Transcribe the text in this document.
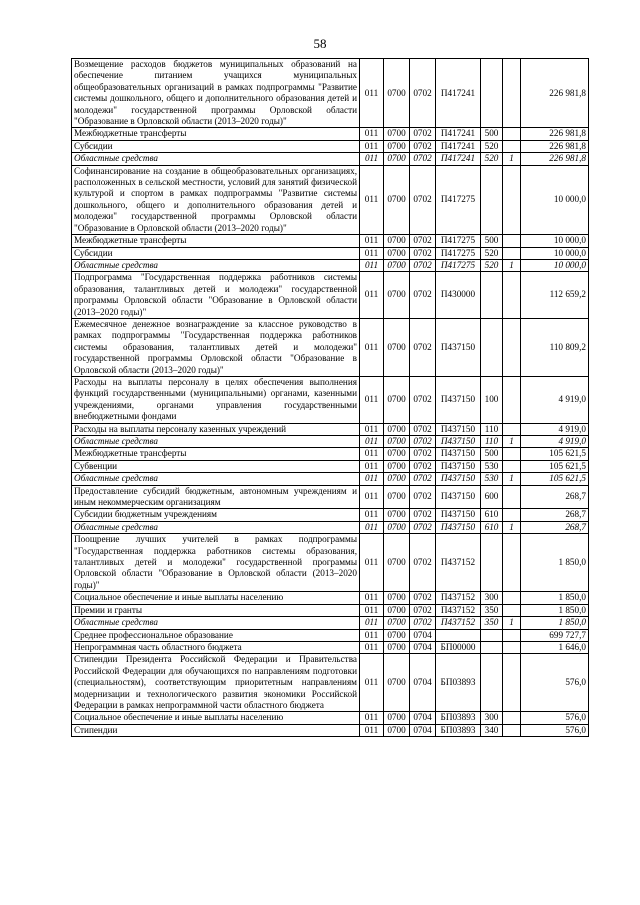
58
Возмещение расходов бюджетов муниципальных образований на обеспечение питанием учащихся муниципальных общеобразовательных организаций в рамках подпрограммы "Развитие системы дошкольного, общего и дополнительного образования детей и молодежи" государственной программы Орловской области "Образование в Орловской области (2013–2020 годы)"	011	0700	0702	П417241			226 981,8
Межбюджетные трансферты	011	0700	0702	П417241	500		226 981,8
Субсидии	011	0700	0702	П417241	520		226 981,8
Областные средства	011	0700	0702	П417241	520	1	226 981,8
Софинансирование на создание в общеобразовательных организациях, расположенных в сельской местности, условий для занятий физической культурой и спортом в рамках подпрограммы "Развитие системы дошкольного, общего и дополнительного образования детей и молодежи" государственной программы Орловской области "Образование в Орловской области (2013–2020 годы)"	011	0700	0702	П417275			10 000,0
Межбюджетные трансферты	011	0700	0702	П417275	500		10 000,0
Субсидии	011	0700	0702	П417275	520		10 000,0
Областные средства	011	0700	0702	П417275	520	1	10 000,0
Подпрограмма "Государственная поддержка работников системы образования, талантливых детей и молодежи" государственной программы Орловской области "Образование в Орловской области (2013–2020 годы)"	011	0700	0702	П430000			112 659,2
Ежемесячное денежное вознаграждение за классное руководство в рамках подпрограммы "Государственная поддержка работников системы образования, талантливых детей и молодежи" государственной программы Орловской области "Образование в Орловской области (2013–2020 годы)"	011	0700	0702	П437150			110 809,2
Расходы на выплаты персоналу в целях обеспечения выполнения функций государственными (муниципальными) органами, казенными учреждениями, органами управления государственными внебюджетными фондами	011	0700	0702	П437150	100		4 919,0
Расходы на выплаты персоналу казенных учреждений	011	0700	0702	П437150	110		4 919,0
Областные средства	011	0700	0702	П437150	110	1	4 919,0
Межбюджетные трансферты	011	0700	0702	П437150	500		105 621,5
Субвенции	011	0700	0702	П437150	530		105 621,5
Областные средства	011	0700	0702	П437150	530	1	105 621,5
Предоставление субсидий бюджетным, автономным учреждениям и иным некоммерческим организациям	011	0700	0702	П437150	600		268,7
Субсидии бюджетным учреждениям	011	0700	0702	П437150	610		268,7
Областные средства	011	0700	0702	П437150	610	1	268,7
Поощрение лучших учителей в рамках подпрограммы "Государственная поддержка работников системы образования, талантливых детей и молодежи" государственной программы Орловской области "Образование в Орловской области (2013–2020 годы)"	011	0700	0702	П437152			1 850,0
Социальное обеспечение и иные выплаты населению	011	0700	0702	П437152	300		1 850,0
Премии и гранты	011	0700	0702	П437152	350		1 850,0
Областные средства	011	0700	0702	П437152	350	1	1 850,0
Среднее профессиональное образование	011	0700	0704				699 727,7
Непрограммная часть областного бюджета	011	0700	0704	БП00000			1 646,0
Стипендии Президента Российской Федерации и Правительства Российской Федерации для обучающихся по направлениям подготовки (специальностям), соответствующим приоритетным направлениям модернизации и технологического развития экономики Российской Федерации в рамках непрограммной части областного бюджета	011	0700	0704	БП03893			576,0
Социальное обеспечение и иные выплаты населению	011	0700	0704	БП03893	300		576,0
Стипендии	011	0700	0704	БП03893	340		576,0
